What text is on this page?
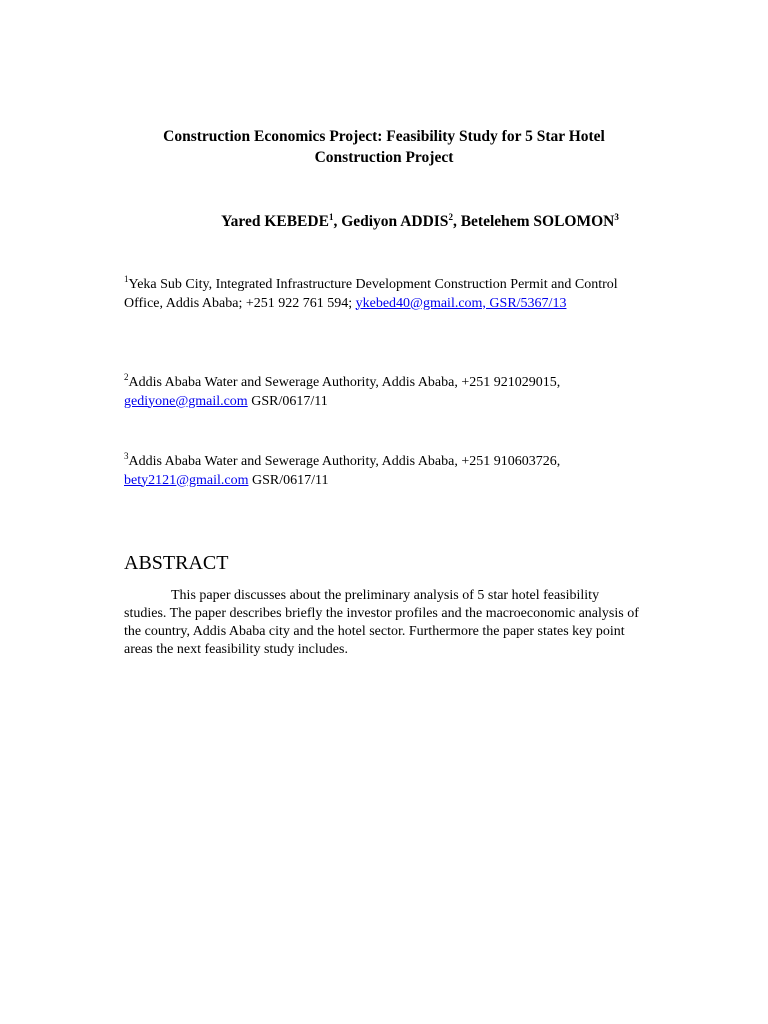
Construction Economics Project: Feasibility Study for 5 Star Hotel
Construction Project
Yared KEBEDE$^1$, Gediyon ADDIS$^2$, Betelehem SOLOMON$^3$
$^1$Yeka Sub City, Integrated Infrastructure Development Construction Permit and Control Office, Addis Ababa; +251 922 761 594; ykebed40@gmail.com, GSR/5367/13
$^2$Addis Ababa Water and Sewerage Authority, Addis Ababa, +251 921029015, gediyone@gmail.com GSR/0617/11
$^3$Addis Ababa Water and Sewerage Authority, Addis Ababa, +251 910603726, bety2121@gmail.com GSR/0617/11
ABSTRACT

This paper discusses about the preliminary analysis of 5 star hotel feasibility studies. The paper describes briefly the investor profiles and the macroeconomic analysis of the country, Addis Ababa city and the hotel sector. Furthermore the paper states key point areas the next feasibility study includes.
